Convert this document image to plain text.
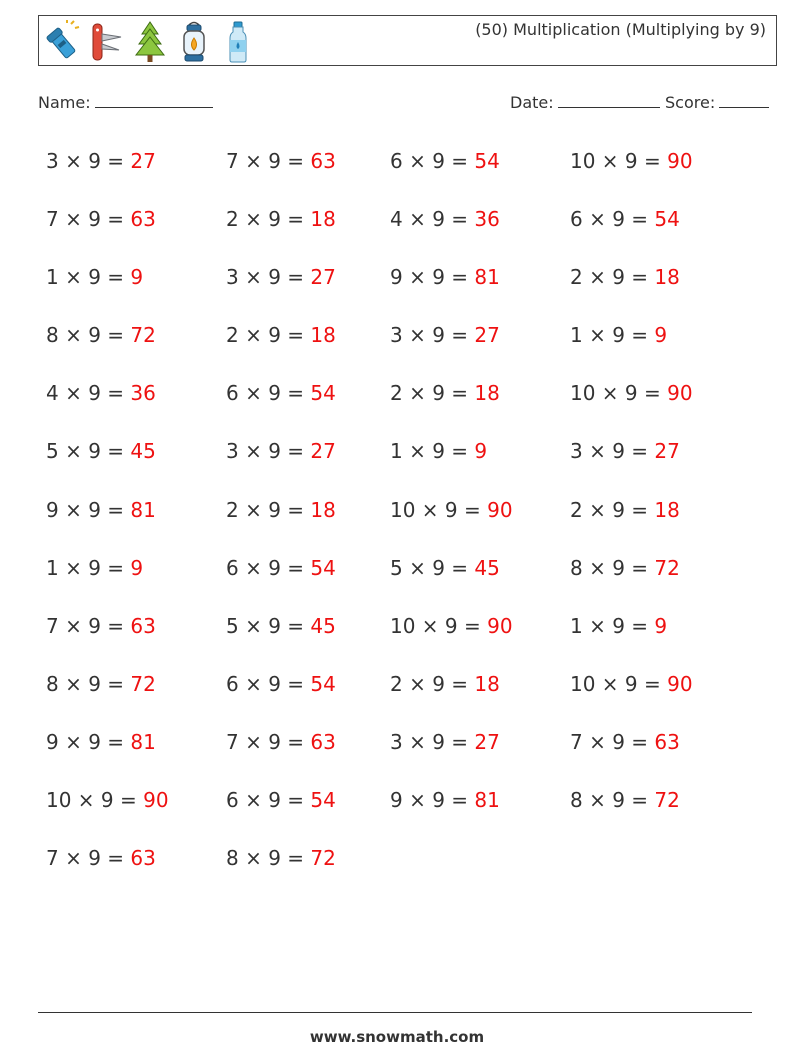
(50) Multiplication (Multiplying by 9)
Name:	Date:	Score:
3 × 9 = 27	7 × 9 = 63	6 × 9 = 54	10 × 9 = 90
7 × 9 = 63	2 × 9 = 18	4 × 9 = 36	6 × 9 = 54
1 × 9 = 9	3 × 9 = 27	9 × 9 = 81	2 × 9 = 18
8 × 9 = 72	2 × 9 = 18	3 × 9 = 27	1 × 9 = 9
4 × 9 = 36	6 × 9 = 54	2 × 9 = 18	10 × 9 = 90
5 × 9 = 45	3 × 9 = 27	1 × 9 = 9	3 × 9 = 27
9 × 9 = 81	2 × 9 = 18	10 × 9 = 90	2 × 9 = 18
1 × 9 = 9	6 × 9 = 54	5 × 9 = 45	8 × 9 = 72
7 × 9 = 63	5 × 9 = 45	10 × 9 = 90	1 × 9 = 9
8 × 9 = 72	6 × 9 = 54	2 × 9 = 18	10 × 9 = 90
9 × 9 = 81	7 × 9 = 63	3 × 9 = 27	7 × 9 = 63
10 × 9 = 90	6 × 9 = 54	9 × 9 = 81	8 × 9 = 72
7 × 9 = 63	8 × 9 = 72
www.snowmath.com
